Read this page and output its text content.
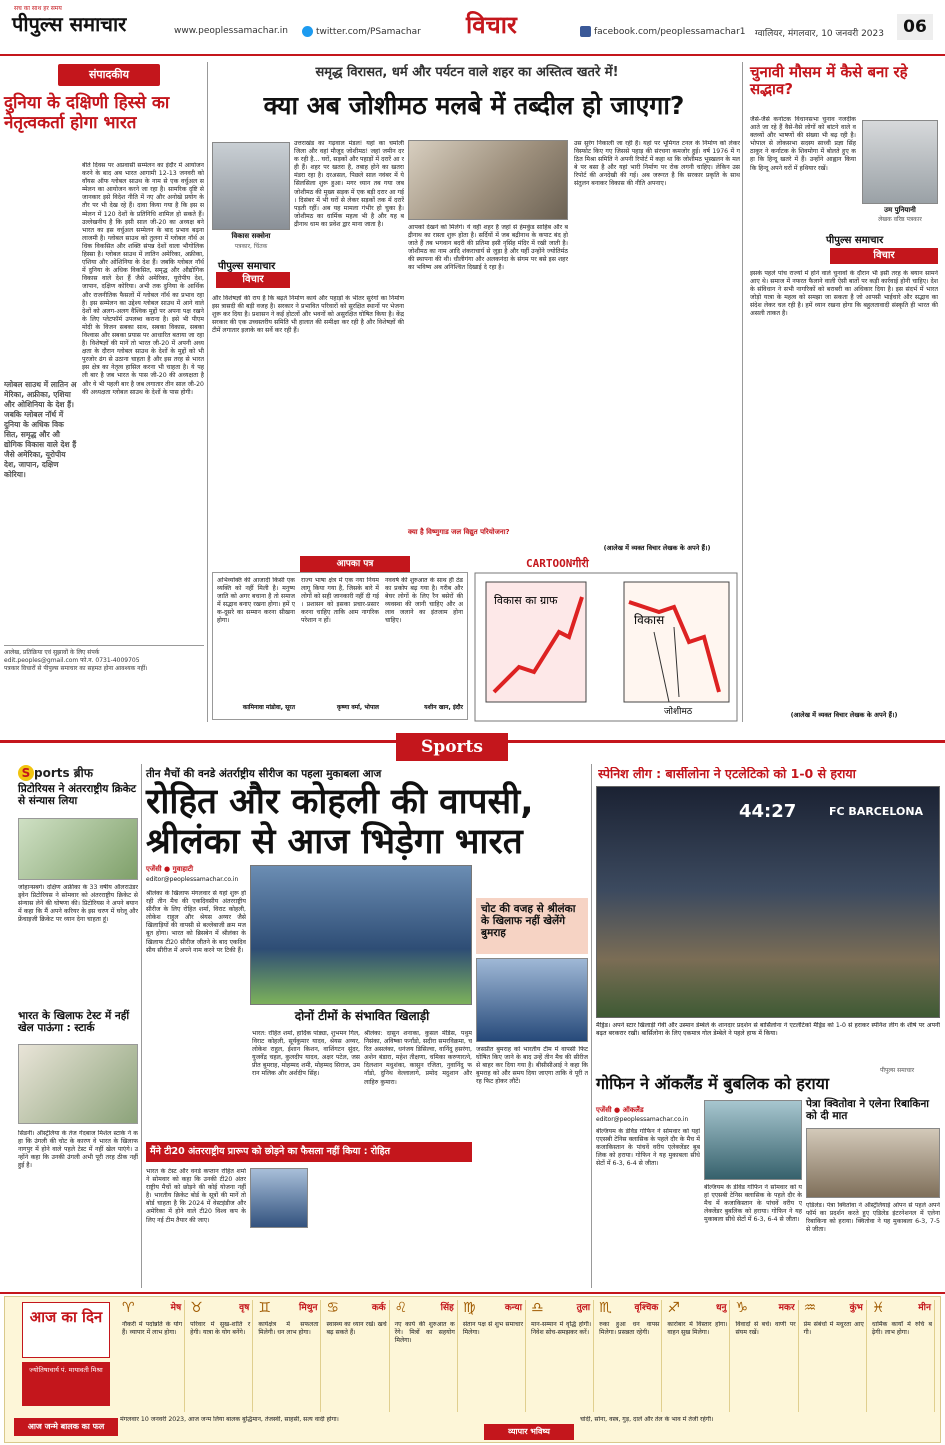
पीपुल्स समाचार
सच का साथ हर समय
www.peoplessamachar.in	twitter.com/PSamachar विचार	facebook.com/peoplessamachar1 ग्वालियर, मंगलवार, 10 जनवरी 2023	06
संपादकीय
दुनिया के दक्षिणी हिस्से का नेतृत्वकर्ता होगा भारत
बीते दिवस पर अप्रवासी सम्मेलन का इंदौर में आयोजन करने के बाद अब भारत आगामी 12-13 जनवरी को वॉयस ऑफ ग्लोबल साउथ के नाम से एक वर्चुअल सम्मेलन का आयोजन करने जा रहा है। सामरिक दृष्टि से जानकार इसे विदेश नीति में नए और अनोखे प्रयोग के तौर पर भी देख रहे हैं। दावा किया गया है कि इस सम्मेलन में 120 देशों के प्रतिनिधि शामिल हो सकते हैं। उल्लेखनीय है कि इसी साल जी-20 का अध्यक्ष बने भारत का इस वर्चुअल सम्मेलन के बाद प्रभाव बढ़ना लाजमी है। ग्लोबल साउथ को तुलना में ग्लोबल नॉर्थ अधिक विकसित और शक्ति संपन्न देशों वाला भौगोलिक हिस्सा है। ग्लोबल साउथ में लातिन अमेरिका, अफ्रीका, एशिया और ओशिनिया के देश हैं। जबकि ग्लोबल नॉर्थ में दुनिया के अधिक विकसित, समृद्ध और औद्योगिक विकास वाले देश हैं जैसे अमेरिका, यूरोपीय देश, जापान, दक्षिण कोरिया। अभी तक दुनिया के आर्थिक और राजनीतिक फैसलों में ग्लोबल नॉर्थ का प्रभाव रहा है। इस सम्मेलन का उद्देश्य ग्लोबल साउथ में आने वाले देशों को अलग-अलग वैश्विक मुद्दों पर अपना पक्ष रखने के लिए प्लेटफॉर्म उपलब्ध कराना है। इसे भी पीएम मोदी के विजन सबका साथ, सबका विकास, सबका विश्वास और सबका प्रयास पर आधारित बताया जा रहा है। विशेषज्ञों की मानें तो भारत जी-20 में अपनी अध्यक्षता के दौरान ग्लोबल साउथ के देशों के मुद्दों को भी पुरजोर ढंग से उठाना चाहता है और इस तरह से भारत इस क्षेत्र का नेतृत्व हासिल करना भी चाहता है। ये पहली बार है जब भारत के पास जी-20 की अध्यक्षता है और ये भी पहली बार है जब लगातार तीन साल जी-20 की अध्यक्षता ग्लोबल साउथ के देशों के पास होगी।
ग्लोबल साउथ में लातिन अमेरिका, अफ्रीका, एशिया और ओशिनिया के देश हैं। जबकि ग्लोबल नॉर्थ में दुनिया के अधिक विकसित, समृद्ध और औद्योगिक विकास वाले देश हैं जैसे अमेरिका, यूरोपीय देश, जापान, दक्षिण कोरिया।
आलेख, प्रतिक्रिया एवं सुझावों के लिए संपर्क
edit.peoples@gmail.com फो.न. 0731-4009705
पत्रकार विचारों से पीपुल्स समाचार का सहमत होना आवश्यक नहीं।
समृद्ध विरासत, धर्म और पर्यटन वाले शहर का अस्तित्व खतरे में!
क्या अब जोशीमठ मलबे में तब्दील हो जाएगा?
विकास सक्सेना
पत्रकार, चिंतक
पीपुल्स समाचार
विचार
उत्तराखंड का गढ़वाल मंडल! यहां का चमोली जिला और वहां मौजूद जोशीमठ! जहां जमीन दरक रही है... घरों, सड़कों और पहाड़ों में दरारें आ रही हैं। शहर पर खतरा है, तबाह होने का खतरा मंडरा रहा है। दरअसल, पिछले साल नवंबर में ये सिलसिला शुरू हुआ। मगर ध्यान तब गया जब जोशीमठ की मुख्य सड़क में एक बड़ी दरार आ गई। दिसंबर में भी घरों से लेकर सड़कों तक में दरारें पड़ती रहीं। अब यह मामला गंभीर हो चुका है। जोशीमठ का धार्मिक महत्व भी है और यह बद्रीनाथ धाम का प्रवेश द्वार माना जाता है।
और विशेषज्ञों की राय है कि बढ़ते निर्माण कार्य और पहाड़ों के भीतर सुरंगों का निर्माण इस त्रासदी की बड़ी वजह है। सरकार ने प्रभावित परिवारों को सुरक्षित स्थानों पर भेजना शुरू कर दिया है। प्रशासन ने कई होटलों और भवनों को असुरक्षित घोषित किया है। केंद्र सरकार की एक उच्चस्तरीय समिति भी हालात की समीक्षा कर रही है और विशेषज्ञों की टीमें लगातार इलाके का सर्वे कर रही हैं।
आपको देखने को मिलेंगे। ये वही शहर है जहां से हेमकुंड साहिब और बद्रीनाथ का रास्ता शुरू होता है। सर्दियों में जब बद्रीनाथ के कपाट बंद हो जाते हैं तब भगवान बदरी की प्रतिमा इसी नृसिंह मंदिर में रखी जाती है। जोशीमठ का नाम आदि शंकराचार्य से जुड़ा है और यहीं उन्होंने ज्योतिर्मठ की स्थापना की थी। धौलीगंगा और अलकनंदा के संगम पर बसे इस शहर का भविष्य अब अनिश्चित दिखाई दे रहा है।
क्या है विष्णुगाड जल विद्युत परियोजना?
उस सुरंग निकाली जा रही है। यहां पर भूमिगत टनल के निर्माण को लेकर विस्फोट किए गए जिससे पहाड़ की संरचना कमजोर हुई। वर्ष 1976 में गठित मिश्रा समिति ने अपनी रिपोर्ट में कहा था कि जोशीमठ भूस्खलन के मलबे पर बसा है और यहां भारी निर्माण पर रोक लगनी चाहिए। लेकिन उस रिपोर्ट की अनदेखी की गई। अब जरूरत है कि सरकार प्रकृति के साथ संतुलन बनाकर विकास की नीति अपनाए।
(आलेख में व्यक्त विचार लेखक के अपने हैं।)
आपका पत्र
अभिव्यक्ति की आजादी किसी एक व्यक्ति को नहीं मिली है। मनुष्य जाति को अगर बचाना है तो समाज में सद्भाव बनाए रखना होगा। हमें एक-दूसरे का सम्मान करना सीखना होगा।
कामिनावा मांडोवा, सूरत
राज्य भाषा क्षेत्र में एक नया नियम लागू किया गया है, जिसके बारे में लोगों को सही जानकारी नहीं दी गई। प्रशासन को इसका प्रचार-प्रसार करना चाहिए ताकि आम नागरिक परेशान न हों।
कृष्णा वर्मा, भोपाल
नववर्ष की शुरुआत के साथ ही ठंड का प्रकोप बढ़ गया है। गरीब और बेघर लोगों के लिए रैन बसेरों की व्यवस्था की जानी चाहिए और अलाव जलाने का इंतजाम होना चाहिए।
यशीन खान, इंदौर
CARTOONगीरी
विकास का ग्राफ
विकास
जोशीमठ
चुनावी मौसम में कैसे बना रहे सद्भाव?
उम पुनियानी
लेखक वरिष्ठ पत्रकार
पीपुल्स समाचार
विचार
जैसे-जैसे कर्नाटक विधानसभा चुनाव नजदीक आते जा रहे हैं वैसे-वैसे लोगों को बांटने वाले वक्तव्यों और भाषणों की संख्या भी बढ़ रही है। भोपाल से लोकसभा सदस्य साध्वी प्रज्ञा सिंह ठाकुर ने कर्नाटक के शिवमोगा में बोलते हुए कहा कि हिन्दू खतरे में हैं। उन्होंने आह्वान किया कि हिन्दू अपने घरों में हथियार रखें।
इसके पहले पांच राज्यों में होने वाले चुनावों के दौरान भी इसी तरह के बयान सामने आए थे। समाज में नफरत फैलाने वाली ऐसी बातों पर कड़ी कार्रवाई होनी चाहिए। देश के संविधान ने सभी नागरिकों को बराबरी का अधिकार दिया है। इस संदर्भ में भारत जोड़ो यात्रा के महत्व को समझा जा सकता है जो आपसी भाईचारे और सद्भाव का संदेश लेकर चल रही है। हमें ध्यान रखना होगा कि बहुलतावादी संस्कृति ही भारत की असली ताकत है।
(आलेख में व्यक्त विचार लेखक के अपने हैं।)
Sports
S ports ब्रीफ
प्रिटोरियस ने अंतरराष्ट्रीय क्रिकेट से संन्यास लिया
जोहान्सबर्ग। दक्षिण अफ्रीका के 33 वर्षीय ऑलराउंडर ड्वेन प्रिटोरियस ने सोमवार को अंतरराष्ट्रीय क्रिकेट से संन्यास लेने की घोषणा की। प्रिटोरियस ने अपने बयान में कहा कि मैं अपने करियर के इस चरण में घरेलू और फ्रेंचाइजी क्रिकेट पर ध्यान देना चाहता हूं।
भारत के खिलाफ टेस्ट में नहीं खेल पाऊंगा : स्टार्क
सिडनी। ऑस्ट्रेलिया के तेज गेंदबाज मिशेल स्टार्क ने कहा कि उंगली की चोट के कारण वे भारत के खिलाफ नागपुर में होने वाले पहले टेस्ट में नहीं खेल पाएंगे। उन्होंने कहा कि उनकी उंगली अभी पूरी तरह ठीक नहीं हुई है।
तीन मैचों की वनडे अंतर्राष्ट्रीय सीरीज का पहला मुकाबला आज
रोहित और कोहली की वापसी, श्रीलंका से आज भिड़ेगा भारत
एजेंसी ● गुवाहाटी
editor@peoplessamachar.co.in
श्रीलंका के खिलाफ मंगलवार से यहां शुरू हो रही तीन मैच की एकदिवसीय अंतरराष्ट्रीय सीरीज के लिए रोहित शर्मा, विराट कोहली, लोकेश राहुल और श्रेयस अय्यर जैसे खिलाड़ियों की वापसी से बल्लेबाजी क्रम मजबूत होगा। भारत को ब्रिसबेन में श्रीलंका के खिलाफ टी20 सीरीज जीतने के बाद एकदिवसीय सीरीज में अपने नाम करने पर टिकी हैं।
दोनों टीमों के संभावित खिलाड़ी
भारत: रोहित शर्मा, हार्दिक पांड्या, शुभमन गिल, विराट कोहली, सूर्यकुमार यादव, श्रेयस अय्यर, लोकेश राहुल, ईशान किशन, वाशिंगटन सुंदर, युजवेंद्र चहल, कुलदीप यादव, अक्षर पटेल, जसप्रीत बुमराह, मोहम्मद शमी, मोहम्मद सिराज, उमरान मलिक और अर्शदीप सिंह।
श्रीलंका: दासुन शनाका, कुसल मेंडिस, पथुम निसंका, अविष्का फर्नांडो, सदीरा समरविक्रमा, चरित असलंका, धनंजय डिसिल्वा, वानिंदु हसरंगा, अशेन बंडारा, महेश तीक्षणा, चमिका करुणारत्ने, दिलशान मधुशंका, कासुन रजिता, नुवानिंदु फर्नांडो, दुनिथ वेल्लालागे, प्रमोद मदुशान और लाहिरु कुमारा।
चोट की वजह से श्रीलंका के खिलाफ नहीं खेलेंगे बुमराह
जसप्रीत बुमराह को भारतीय टीम में वापसी फिट घोषित किए जाने के बाद उन्हें तीन मैच की सीरीज से बाहर कर दिया गया है। बीसीसीआई ने कहा कि बुमराह को और समय दिया जाएगा ताकि वे पूरी तरह फिट होकर लौटें।
मैंने टी20 अंतरराष्ट्रीय प्रारूप को छोड़ने का फैसला नहीं किया : रोहित
भारत के टेस्ट और वनडे कप्तान रोहित शर्मा ने सोमवार को कहा कि उनकी टी20 अंतरराष्ट्रीय मैचों को छोड़ने की कोई योजना नहीं है। भारतीय क्रिकेट बोर्ड के सूत्रों की मानें तो बोर्ड चाहता है कि 2024 में वेस्टइंडीज और अमेरिका में होने वाले टी20 विश्व कप के लिए नई टीम तैयार की जाए।
स्पेनिश लीग : बार्सीलोना ने एटलेटिको को 1-0 से हराया
44:27	FC BARCELONA
मैड्रिड। अपने स्टार खिलाड़ी गेवी और उस्मान डेम्बेले के शानदार प्रदर्शन से बार्सिलोना ने एटलेटिको मैड्रिड को 1-0 से हराकर स्पेनिश लीग के शीर्ष पर अपनी बढ़त बरकरार रखी। बार्सिलोना के लिए एकमात्र गोल डेम्बेले ने पहले हाफ में किया।
पीपुल्स समाचार
गोफिन ने ऑकलैंड में बुबलिक को हराया
एजेंसी ● ऑकलैंड
editor@peoplessamachar.co.in
बेल्जियम के डेविड गोफिन ने सोमवार को यहां एएसबी टेनिस क्लासिक के पहले दौर के मैच में कजाकिस्तान के पांचवें वरीय एलेक्जेंडर बुबलिक को हराया। गोफिन ने यह मुकाबला सीधे सेटों में 6-3, 6-4 से जीता।
बेल्जियम के डेविड गोफिन ने सोमवार को यहां एएसबी टेनिस क्लासिक के पहले दौर के मैच में कजाकिस्तान के पांचवें वरीय एलेक्जेंडर बुबलिक को हराया। गोफिन ने यह मुकाबला सीधे सेटों में 6-3, 6-4 से जीता।
पेत्रा क्वितोवा ने एलेना रिबाकिना को दी मात
एडिलेड। पेत्रा क्वितोवा ने ऑस्ट्रेलियाई ओपन से पहले अपने फॉर्म का प्रदर्शन करते हुए एडिलेड इंटरनेशनल में एलेना रिबाकिना को हराया। क्वितोवा ने यह मुकाबला 6-3, 7-5 से जीता।
आज का दिन
ज्योतिषाचार्य पं. मायावती मिश्रा
आज जन्मे बालक का फल
♈	मेष
नौकरी में पदोन्नति के योग हैं। व्यापार में लाभ होगा।
♉	वृष
परिवार में सुख-शांति रहेगी। यात्रा के योग बनेंगे।
♊	मिथुन
कार्यक्षेत्र में सफलता मिलेगी। धन लाभ होगा।
♋	कर्क
स्वास्थ्य का ध्यान रखें। खर्च बढ़ सकते हैं।
♌	सिंह
नए कार्य की शुरुआत करेंगे। मित्रों का सहयोग मिलेगा।
♍	कन्या
संतान पक्ष से शुभ समाचार मिलेगा।
♎	तुला
मान-सम्मान में वृद्धि होगी। निवेश सोच-समझकर करें।
♏	वृश्चिक
रुका हुआ धन वापस मिलेगा। प्रसन्नता रहेगी।
♐	धनु
कारोबार में विस्तार होगा। वाहन सुख मिलेगा।
♑	मकर
विवादों से बचें। वाणी पर संयम रखें।
♒	कुंभ
प्रेम संबंधों में मधुरता आएगी।
♓	मीन
धार्मिक कार्यों में रुचि बढ़ेगी। लाभ होगा।
मंगलवार 10 जनवरी 2023, आज जन्म लिया बालक बुद्धिमान, तेजस्वी, साहसी, सत्य वादी होगा।
व्यापार भविष्य
चांदी, सोना, वस्त्र, गुड़, दालें और तेल के भाव में तेजी रहेगी।
